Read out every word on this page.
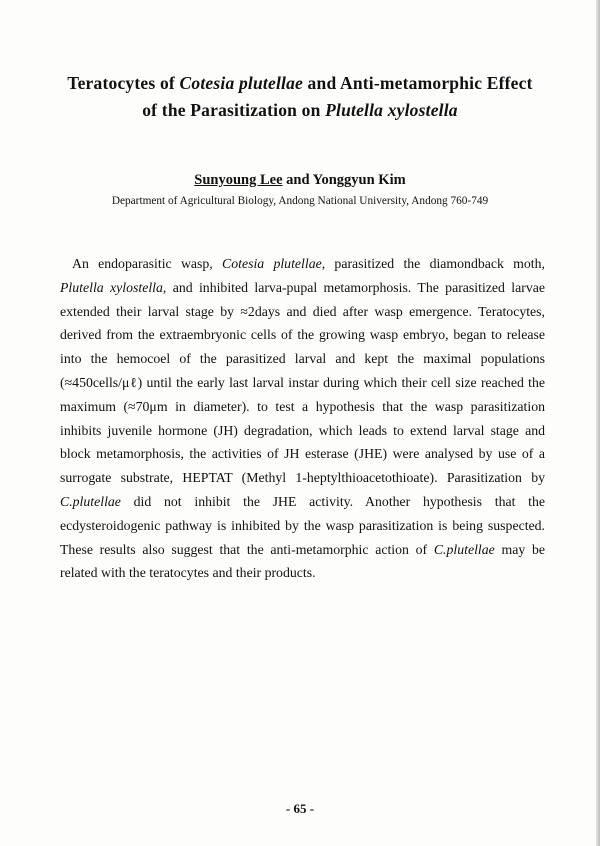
Teratocytes of Cotesia plutellae and Anti-metamorphic Effect
of the Parasitization on Plutella xylostella
Sunyoung Lee and Yonggyun Kim
Department of Agricultural Biology, Andong National University, Andong 760-749
An endoparasitic wasp, Cotesia plutellae, parasitized the diamondback moth, Plutella xylostella, and inhibited larva-pupal metamorphosis. The parasitized larvae extended their larval stage by ≈2days and died after wasp emergence. Teratocytes, derived from the extraembryonic cells of the growing wasp embryo, began to release into the hemocoel of the parasitized larval and kept the maximal populations (≈450cells/μℓ) until the early last larval instar during which their cell size reached the maximum (≈70μm in diameter). to test a hypothesis that the wasp parasitization inhibits juvenile hormone (JH) degradation, which leads to extend larval stage and block metamorphosis, the activities of JH esterase (JHE) were analysed by use of a surrogate substrate, HEPTAT (Methyl 1-heptylthioacetothioate). Parasitization by C.plutellae did not inhibit the JHE activity. Another hypothesis that the ecdysteroidogenic pathway is inhibited by the wasp parasitization is being suspected. These results also suggest that the anti-metamorphic action of C.plutellae may be related with the teratocytes and their products.
- 65 -
